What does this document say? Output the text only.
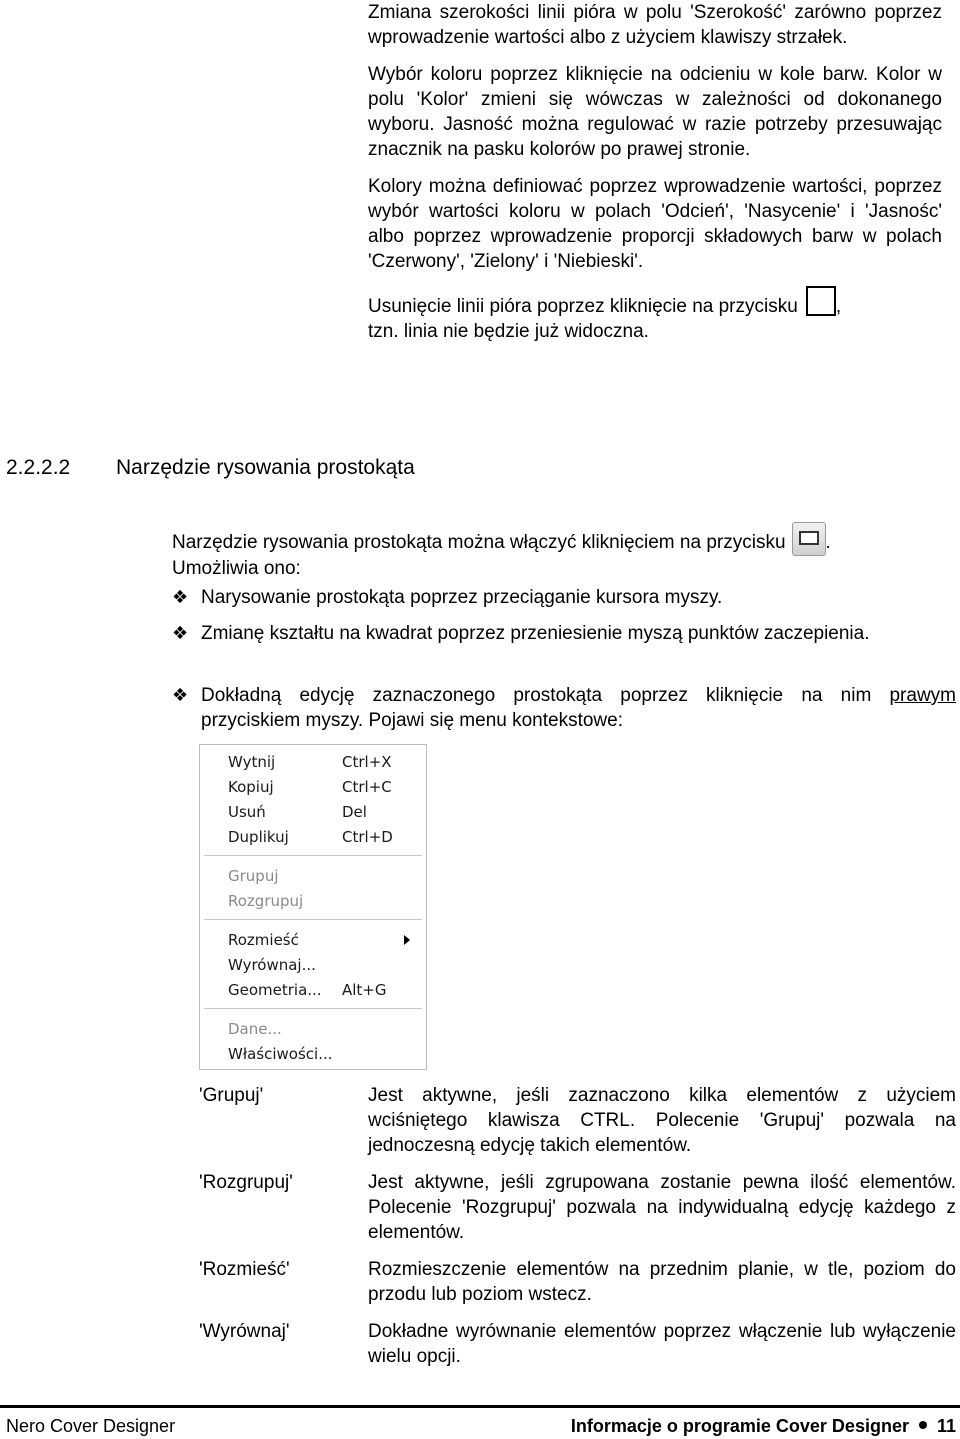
Zmiana szerokości linii pióra w polu 'Szerokość' zarówno poprzez wprowadzenie wartości albo z użyciem klawiszy strzałek.

Wybór koloru poprzez kliknięcie na odcieniu w kole barw. Kolor w polu 'Kolor' zmieni się wówczas w zależności od dokonanego wyboru. Jasność można regulować w razie potrzeby przesuwając znacznik na pasku kolorów po prawej stronie.

Kolory można definiować poprzez wprowadzenie wartości, poprzez wybór wartości koloru w polach 'Odcień', 'Nasycenie' i 'Jasnośc' albo poprzez wprowadzenie proporcji składowych barw w polach 'Czerwony', 'Zielony' i 'Niebieski'.

Usunięcie linii pióra poprzez kliknięcie na przycisku ,
tzn. linia nie będzie już widoczna.

2.2.2.2 Narzędzie rysowania prostokąta
Narzędzie rysowania prostokąta można włączyć kliknięciem na przycisku .
Umożliwia ono:
❖ Narysowanie prostokąta poprzez przeciąganie kursora myszy.
❖ Zmianę kształtu na kwadrat poprzez przeniesienie myszą punktów zaczepienia.
❖ Dokładną edycję zaznaczonego prostokąta poprzez kliknięcie na nim prawym przyciskiem myszy. Pojawi się menu kontekstowe:
Wytnij	Ctrl+X
Kopiuj	Ctrl+C
Usuń	Del
Duplikuj	Ctrl+D
Grupuj
Rozgrupuj
Rozmieść
Wyrównaj...
Geometria... Alt+G
Dane...
Właściwości...
'Grupuj'	Jest aktywne, jeśli zaznaczono kilka elementów z użyciem wciśniętego klawisza CTRL. Polecenie 'Grupuj' pozwala na jednoczesną edycję takich elementów.
'Rozgrupuj'	Jest aktywne, jeśli zgrupowana zostanie pewna ilość elementów. Polecenie 'Rozgrupuj' pozwala na indywidualną edycję każdego z elementów.
'Rozmieść'	Rozmieszczenie elementów na przednim planie, w tle, poziom do przodu lub poziom wstecz.
'Wyrównaj'	Dokładne wyrównanie elementów poprzez włączenie lub wyłączenie wielu opcji.
Nero Cover Designer	Informacje o programie Cover Designer 11
